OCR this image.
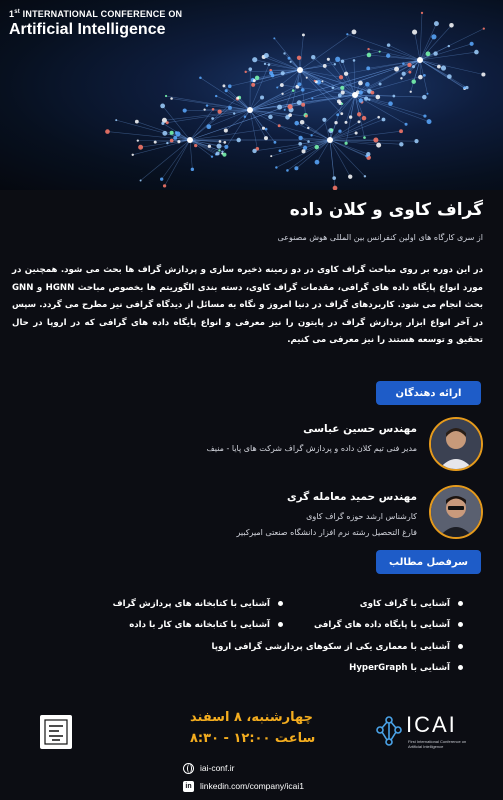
1st INTERNATIONAL CONFERENCE ON
Artificial Intelligence
گراف کاوی و کلان داده
از سری کارگاه های اولین کنفرانس بین المللی هوش مصنوعی
در این دوره بر روی مباحث گراف کاوی در دو زمینه ذخیره سازی و پردازش گراف ها بحث می شود. همچنین در مورد انواع پایگاه داده های گرافی، مقدمات گراف کاوی، دسته بندی الگوریتم ها بخصوص مباحث HGNN و GNN بحث انجام می شود. کاربردهای گراف در دنیا امروز و نگاه به مسائل از دیدگاه گرافی نیز مطرح می گردد. سپس در آخر انواع ابزار پردازش گراف در پایتون را نیز معرفی و انواع پایگاه داده های گرافی که در اروپا در حال تحقیق و توسعه هستند را نیز معرفی می کنیم.
ارائه دهندگان
مهندس حسین عباسی
مدیر فنی تیم کلان داده و پردازش گراف شرکت های پایا - منیف
مهندس حمید معامله گری
کارشناس ارشد حوزه گراف کاوی
فارغ التحصیل رشته نرم افزار دانشگاه صنعتی امیرکبیر
سرفصل مطالب
آشنایی با گراف کاوی
آشنایی با کتابخانه های پردازش گراف
آشنایی با پایگاه داده های گرافی
آشنایی با کتابخانه های کار با داده
آشنایی با معماری یکی از سکوهای پردازشی گرافی اروپا
آشنایی با HyperGraph
چهارشنبه، ۸ اسفند
ساعت ۱۲:۰۰ - ۸:۳۰
iai-conf.ir
in linkedin.com/company/icai1
ICAI
First International Conference on Artificial Intelligence
